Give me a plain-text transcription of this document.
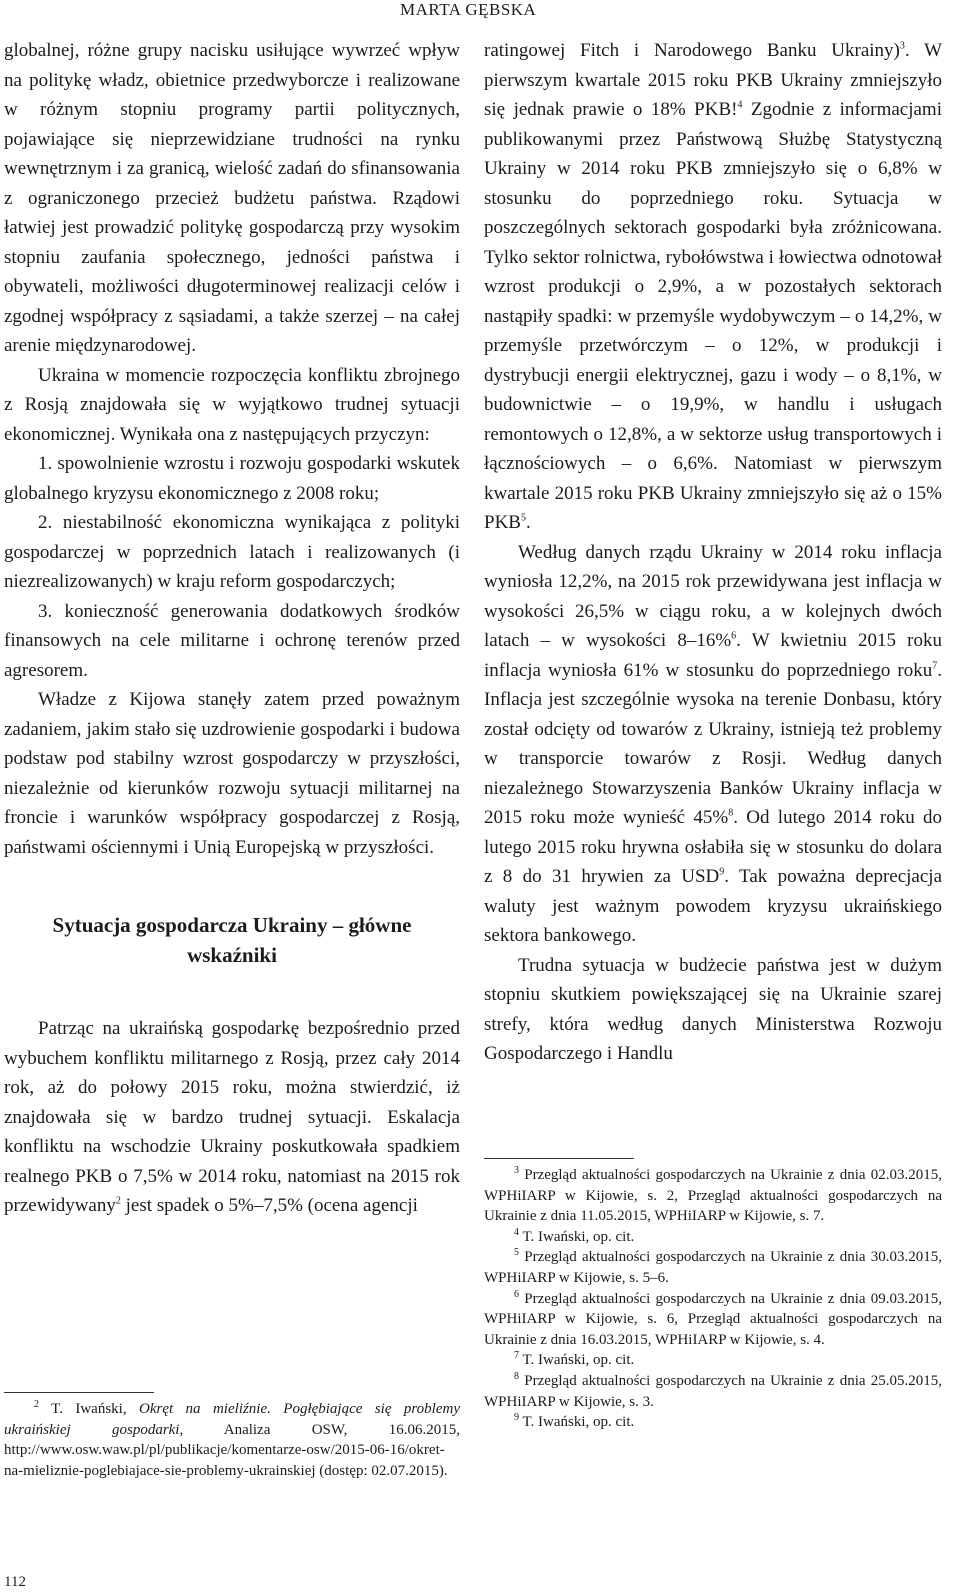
MARTA GĘBSKA

globalnej, różne grupy nacisku usiłujące wywrzeć wpływ na politykę władz, obietnice przedwyborcze i realizowane w różnym stopniu programy partii politycznych, pojawiające się nieprzewidziane trudności na rynku wewnętrznym i za granicą, wielość zadań do sfinansowania z ograniczonego przecież budżetu państwa. Rządowi łatwiej jest prowadzić politykę gospodarczą przy wysokim stopniu zaufania społecznego, jedności państwa i obywateli, możliwości długoterminowej realizacji celów i zgodnej współpracy z sąsiadami, a także szerzej – na całej arenie międzynarodowej.

Ukraina w momencie rozpoczęcia konfliktu zbrojnego z Rosją znajdowała się w wyjątkowo trudnej sytuacji ekonomicznej. Wynikała ona z następujących przyczyn:

1. spowolnienie wzrostu i rozwoju gospodarki wskutek globalnego kryzysu ekonomicznego z 2008 roku;

2. niestabilność ekonomiczna wynikająca z polityki gospodarczej w poprzednich latach i realizowanych (i niezrealizowanych) w kraju reform gospodarczych;

3. konieczność generowania dodatkowych środków finansowych na cele militarne i ochronę terenów przed agresorem.

Władze z Kijowa stanęły zatem przed poważnym zadaniem, jakim stało się uzdrowienie gospodarki i budowa podstaw pod stabilny wzrost gospodarczy w przyszłości, niezależnie od kierunków rozwoju sytuacji militarnej na froncie i warunków współpracy gospodarczej z Rosją, państwami ościennymi i Unią Europejską w przyszłości.

Sytuacja gospodarcza Ukrainy – główne wskaźniki

Patrząc na ukraińską gospodarkę bezpośrednio przed wybuchem konfliktu militarnego z Rosją, przez cały 2014 rok, aż do połowy 2015 roku, można stwierdzić, iż znajdowała się w bardzo trudnej sytuacji. Eskalacja konfliktu na wschodzie Ukrainy poskutkowała spadkiem realnego PKB o 7,5% w 2014 roku, natomiast na 2015 rok przewidywany$^2$ jest spadek o 5%–7,5% (ocena agencji

$^2$ T. Iwański, Okręt na mieliźnie. Pogłębiające się problemy ukraińskiej gospodarki, Analiza OSW, 16.06.2015, http://www.osw.waw.pl/pl/publikacje/komentarze-osw/2015-06-16/okret-na-mieliznie-poglebiajace-sie-problemy-ukrainskiej (dostęp: 02.07.2015).

ratingowej Fitch i Narodowego Banku Ukrainy)$^3$. W pierwszym kwartale 2015 roku PKB Ukrainy zmniejszyło się jednak prawie o 18% PKB!$^4$ Zgodnie z informacjami publikowanymi przez Państwową Służbę Statystyczną Ukrainy w 2014 roku PKB zmniejszyło się o 6,8% w stosunku do poprzedniego roku. Sytuacja w poszczególnych sektorach gospodarki była zróżnicowana. Tylko sektor rolnictwa, rybołówstwa i łowiectwa odnotował wzrost produkcji o 2,9%, a w pozostałych sektorach nastąpiły spadki: w przemyśle wydobywczym – o 14,2%, w przemyśle przetwórczym – o 12%, w produkcji i dystrybucji energii elektrycznej, gazu i wody – o 8,1%, w budownictwie – o 19,9%, w handlu i usługach remontowych o 12,8%, a w sektorze usług transportowych i łącznościowych – o 6,6%. Natomiast w pierwszym kwartale 2015 roku PKB Ukrainy zmniejszyło się aż o 15% PKB$^5$.

Według danych rządu Ukrainy w 2014 roku inflacja wyniosła 12,2%, na 2015 rok przewidywana jest inflacja w wysokości 26,5% w ciągu roku, a w kolejnych dwóch latach – w wysokości 8–16%$^6$. W kwietniu 2015 roku inflacja wyniosła 61% w stosunku do poprzedniego roku$^7$. Inflacja jest szczególnie wysoka na terenie Donbasu, który został odcięty od towarów z Ukrainy, istnieją też problemy w transporcie towarów z Rosji. Według danych niezależnego Stowarzyszenia Banków Ukrainy inflacja w 2015 roku może wynieść 45%$^8$. Od lutego 2014 roku do lutego 2015 roku hrywna osłabiła się w stosunku do dolara z 8 do 31 hrywien za USD$^9$. Tak poważna deprecjacja waluty jest ważnym powodem kryzysu ukraińskiego sektora bankowego.

Trudna sytuacja w budżecie państwa jest w dużym stopniu skutkiem powiększającej się na Ukrainie szarej strefy, która według danych Ministerstwa Rozwoju Gospodarczego i Handlu

$^3$ Przegląd aktualności gospodarczych na Ukrainie z dnia 02.03.2015, WPHiIARP w Kijowie, s. 2, Przegląd aktualności gospodarczych na Ukrainie z dnia 11.05.2015, WPHiIARP w Kijowie, s. 7.

$^4$ T. Iwański, op. cit.

$^5$ Przegląd aktualności gospodarczych na Ukrainie z dnia 30.03.2015, WPHiIARP w Kijowie, s. 5–6.

$^6$ Przegląd aktualności gospodarczych na Ukrainie z dnia 09.03.2015, WPHiIARP w Kijowie, s. 6, Przegląd aktualności gospodarczych na Ukrainie z dnia 16.03.2015, WPHiIARP w Kijowie, s. 4.

$^7$ T. Iwański, op. cit.

$^8$ Przegląd aktualności gospodarczych na Ukrainie z dnia 25.05.2015, WPHiIARP w Kijowie, s. 3.

$^9$ T. Iwański, op. cit.

112
